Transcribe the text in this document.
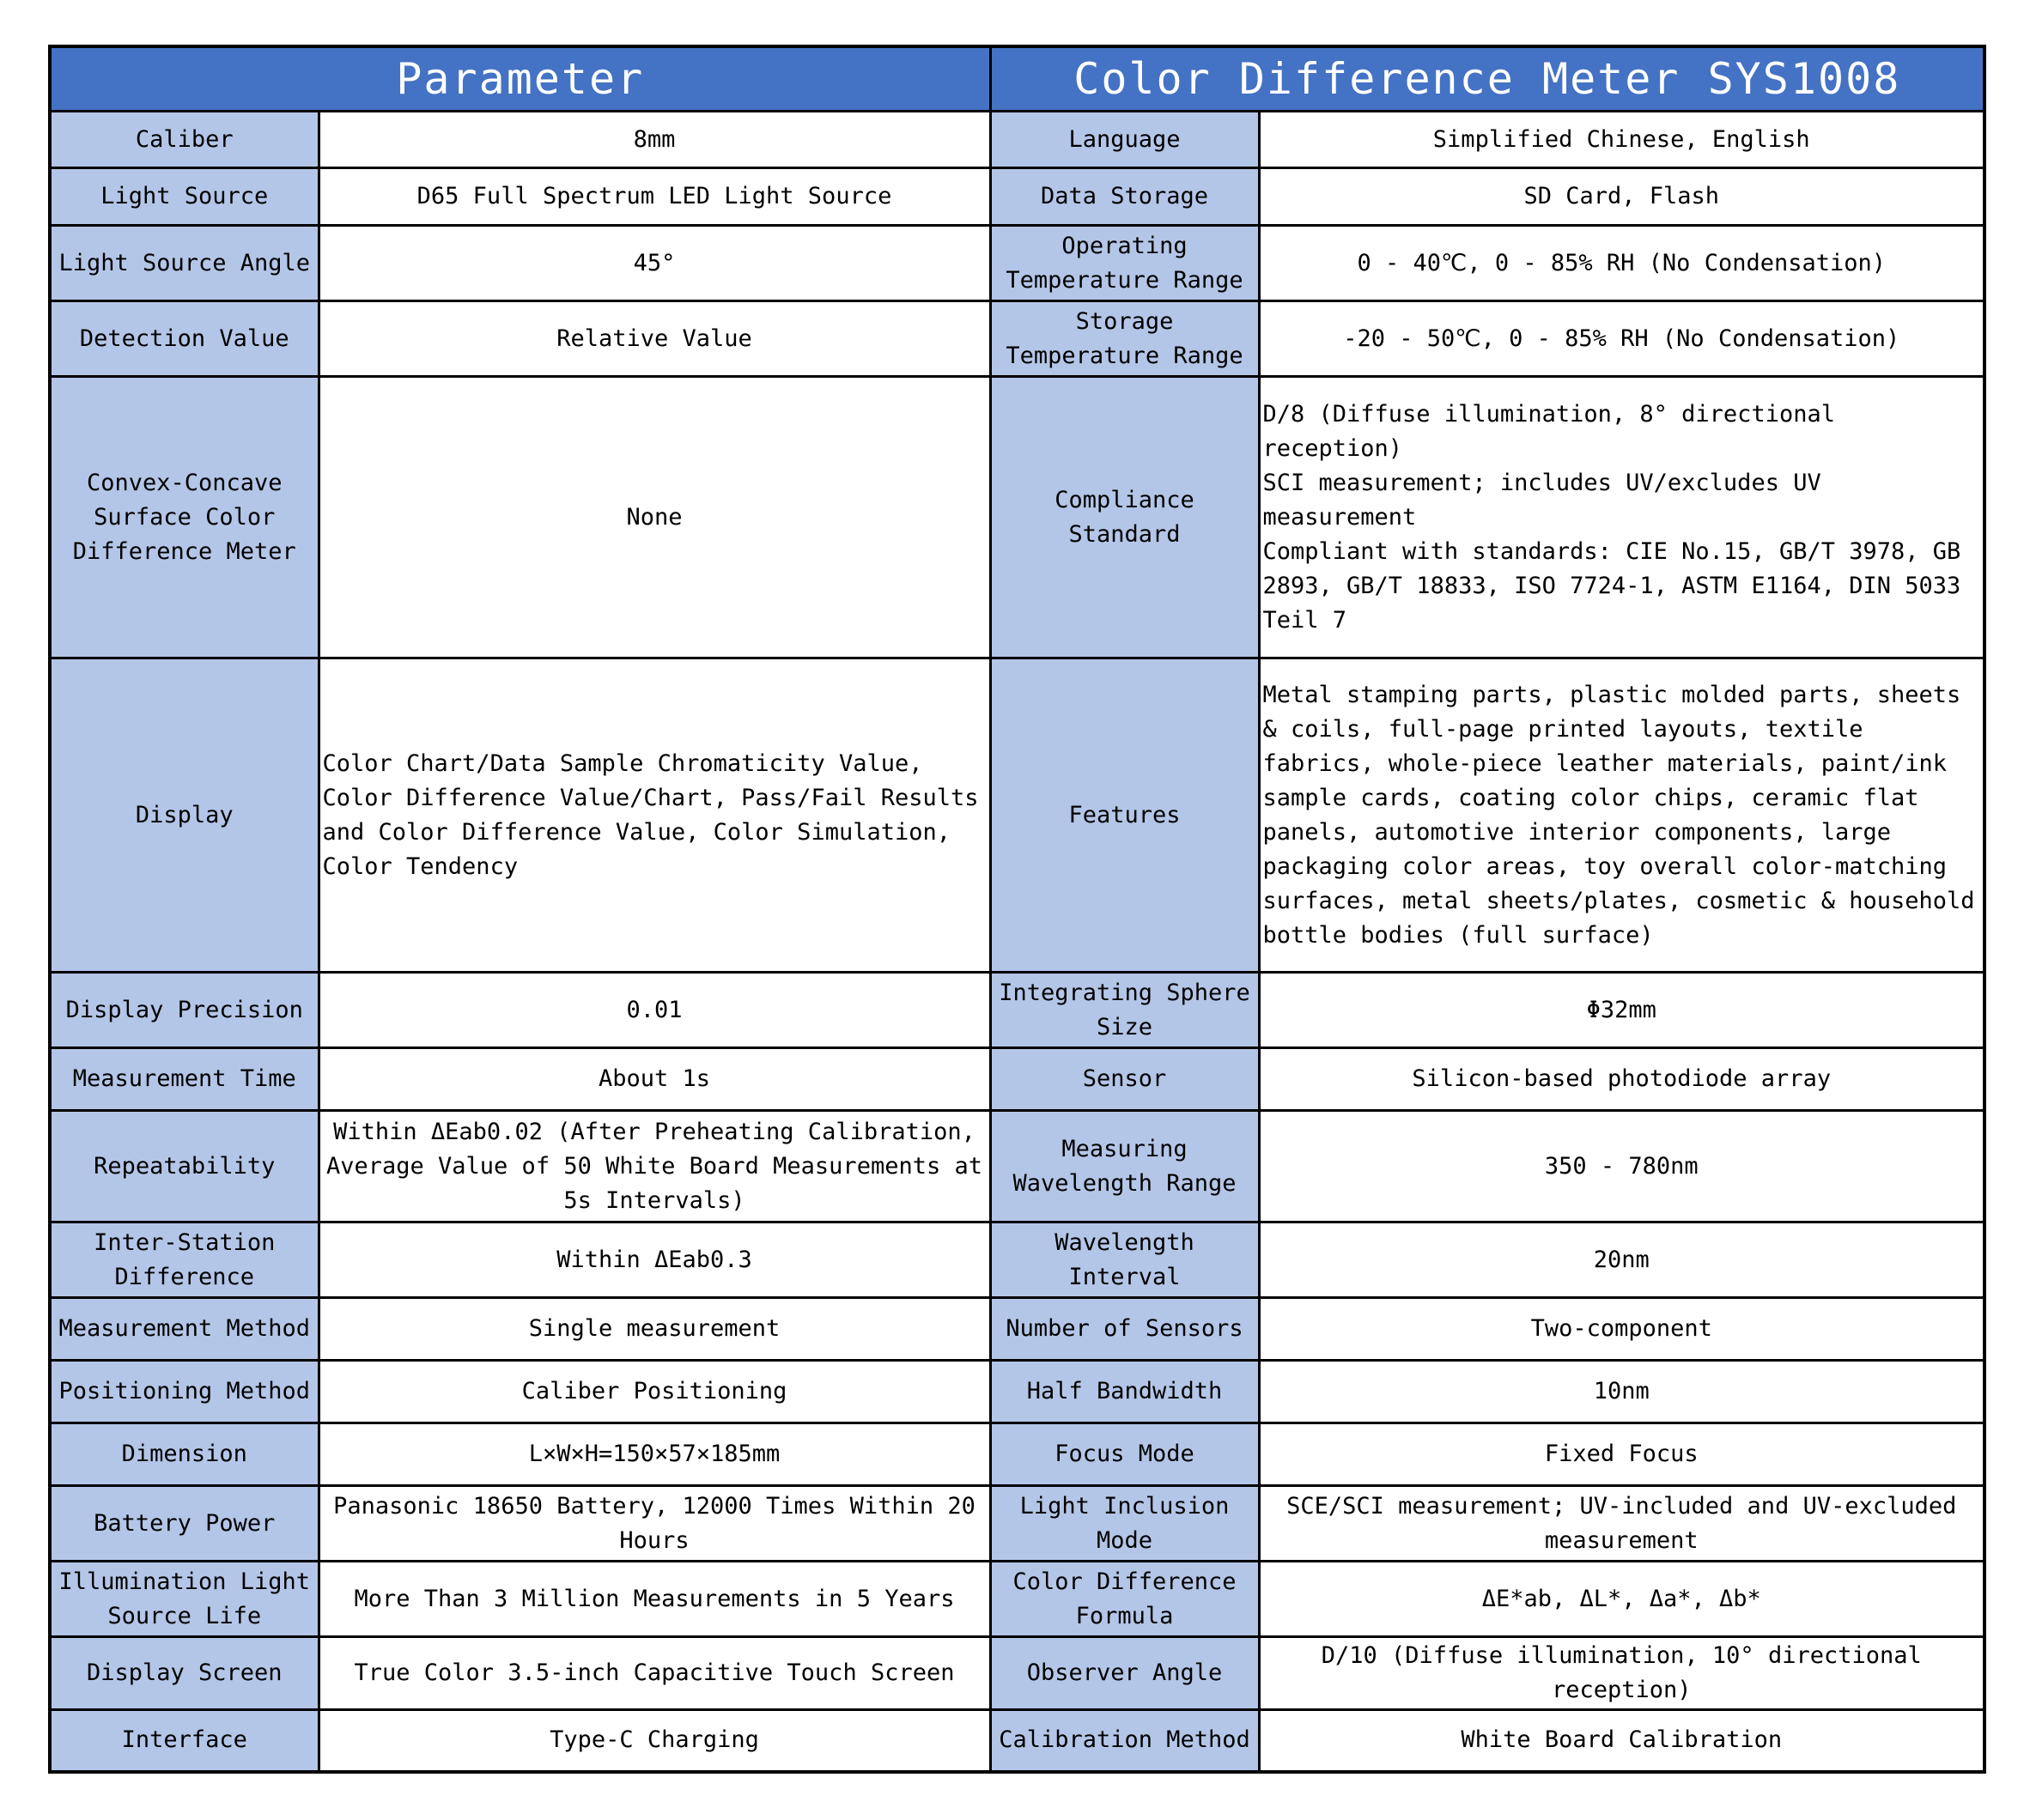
Parameter		Color Difference Meter SYS1008	
Caliber	8mm	Language	Simplified Chinese, English
Light Source	D65 Full Spectrum LED Light Source	Data Storage	SD Card, Flash
Light Source Angle	45°	Operating Temperature Range	0 - 40℃, 0 - 85% RH (No Condensation)
Detection Value	Relative Value	Storage Temperature Range	-20 - 50℃, 0 - 85% RH (No Condensation)
Convex-Concave Surface Color Difference Meter	None	Compliance Standard	D/8 (Diffuse illumination, 8° directional reception)
SCI measurement; includes UV/excludes UV measurement
Compliant with standards: CIE No.15, GB/T 3978, GB 2893, GB/T 18833, ISO 7724-1, ASTM E1164, DIN 5033 Teil 7

Display	Color Chart/Data Sample Chromaticity Value, Color Difference Value/Chart, Pass/Fail Results and Color Difference Value, Color Simulation, Color Tendency	Features	Metal stamping parts, plastic molded parts, sheets & coils, full-page printed layouts, textile fabrics, whole-piece leather materials, paint/ink sample cards, coating color chips, ceramic flat panels, automotive interior components, large packaging color areas, toy overall color-matching surfaces, metal sheets/plates, cosmetic & household bottle bodies (full surface)
Display Precision	0.01	Integrating Sphere Size	Φ32mm
Measurement Time	About 1s	Sensor	Silicon-based photodiode array
Repeatability	Within ΔEab0.02 (After Preheating Calibration, Average Value of 50 White Board Measurements at 5s Intervals)	Measuring Wavelength Range	350 - 780nm
Inter-Station Difference	Within ΔEab0.3	Wavelength Interval	20nm
Measurement Method	Single measurement	Number of Sensors	Two-component
Positioning Method	Caliber Positioning	Half Bandwidth	10nm
Dimension	L×W×H=150×57×185mm	Focus Mode	Fixed Focus
Battery Power	Panasonic 18650 Battery, 12000 Times Within 20 Hours	Light Inclusion Mode	SCE/SCI measurement; UV-included and UV-excluded measurement
Illumination Light Source Life	More Than 3 Million Measurements in 5 Years	Color Difference Formula	ΔE*ab, ΔL*, Δa*, Δb*
Display Screen	True Color 3.5-inch Capacitive Touch Screen	Observer Angle	D/10 (Diffuse illumination, 10° directional reception)
Interface	Type-C Charging	Calibration Method	White Board Calibration
